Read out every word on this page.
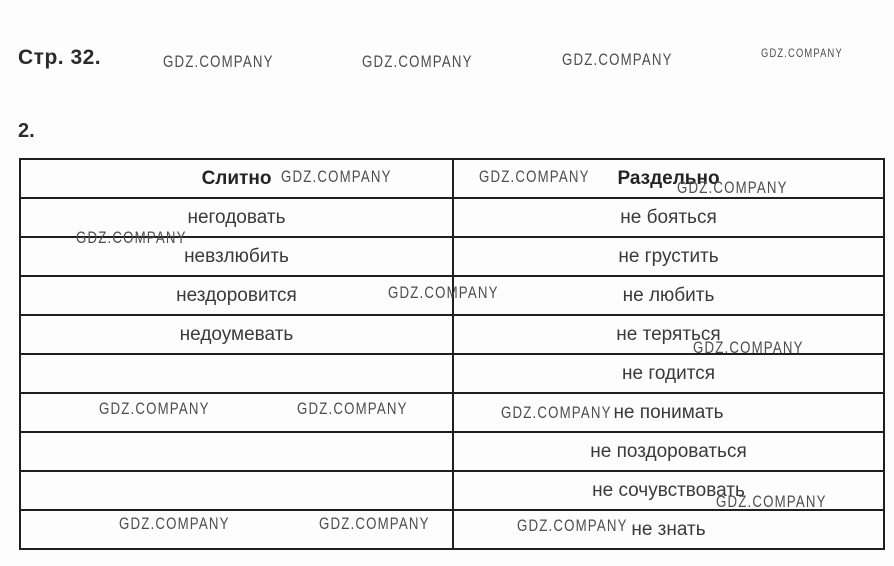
Стр. 32.
2.
Слитно	Раздельно
негодовать	не бояться
невзлюбить	не грустить
нездоровится	не любить
недоумевать	не теряться
	не годится
	не понимать
	не поздороваться
	не сочувствовать
	не знать
GDZ.COMPANY	GDZ.COMPANY	GDZ.COMPANY	GDZ.COMPANY
GDZ.COMPANY	GDZ.COMPANY
GDZ.COMPANY
GDZ.COMPANY
GDZ.COMPANY
GDZ.COMPANY
GDZ.COMPANY	GDZ.COMPANY	GDZ.COMPANY
GDZ.COMPANY
GDZ.COMPANY	GDZ.COMPANY	GDZ.COMPANY
